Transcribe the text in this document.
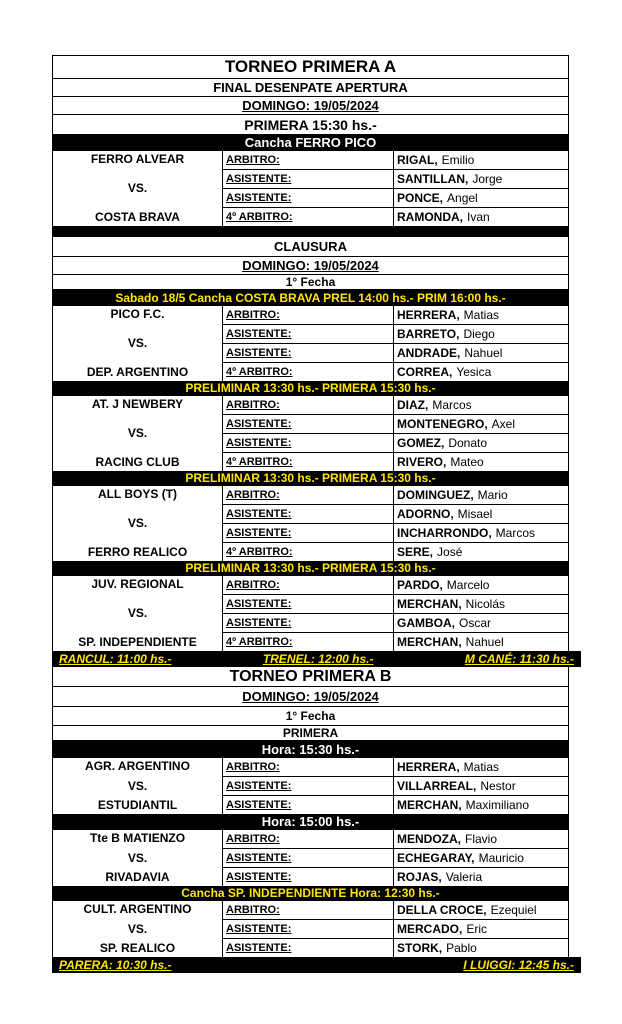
TORNEO PRIMERA A
FINAL DESENPATE APERTURA
DOMINGO: 19/05/2024
PRIMERA 15:30 hs.-
Cancha FERRO PICO
FERRO ALVEAR
VS.
COSTA BRAVA
ARBITRO:	RIGAL, Emilio
ASISTENTE:	SANTILLAN, Jorge
ASISTENTE:	PONCE, Angel
4º ARBITRO:	RAMONDA, Ivan
CLAUSURA
DOMINGO: 19/05/2024
1° Fecha
Sabado 18/5 Cancha COSTA BRAVA PREL 14:00 hs.- PRIM 16:00 hs.-
PICO F.C.
VS.
DEP. ARGENTINO
ARBITRO:	HERRERA, Matias
ASISTENTE:	BARRETO, Diego
ASISTENTE:	ANDRADE, Nahuel
4º ARBITRO:	CORREA, Yesica
PRELIMINAR 13:30 hs.- PRIMERA 15:30 hs.-
AT. J NEWBERY
VS.
RACING CLUB
ARBITRO:	DIAZ, Marcos
ASISTENTE:	MONTENEGRO, Axel
ASISTENTE:	GOMEZ, Donato
4º ARBITRO:	RIVERO, Mateo
PRELIMINAR 13:30 hs.- PRIMERA 15:30 hs.-
ALL BOYS (T)
VS.
FERRO REALICO
ARBITRO:	DOMINGUEZ, Mario
ASISTENTE:	ADORNO, Misael
ASISTENTE:	INCHARRONDO, Marcos
4º ARBITRO:	SERE, José
PRELIMINAR 13:30 hs.- PRIMERA 15:30 hs.-
JUV. REGIONAL
VS.
SP. INDEPENDIENTE
ARBITRO:	PARDO, Marcelo
ASISTENTE:	MERCHAN, Nicolás
ASISTENTE:	GAMBOA, Oscar
4º ARBITRO:	MERCHAN, Nahuel
RANCUL: 11:00 hs.-	TRENEL: 12:00 hs.-	M CANÉ: 11:30 hs.-
TORNEO PRIMERA B
DOMINGO: 19/05/2024
1° Fecha
PRIMERA
Hora: 15:30 hs.-
AGR. ARGENTINO
VS.
ESTUDIANTIL
ARBITRO:	HERRERA, Matias
ASISTENTE:	VILLARREAL, Nestor
ASISTENTE:	MERCHAN, Maximiliano
Hora: 15:00 hs.-
Tte B MATIENZO
VS.
RIVADAVIA
ARBITRO:	MENDOZA, Flavio
ASISTENTE:	ECHEGARAY, Mauricio
ASISTENTE:	ROJAS, Valeria
Cancha SP. INDEPENDIENTE Hora: 12:30 hs.-
CULT. ARGENTINO
VS.
SP. REALICO
ARBITRO:	DELLA CROCE, Ezequiel
ASISTENTE:	MERCADO, Eric
ASISTENTE:	STORK, Pablo
PARERA: 10:30 hs.-	I LUIGGI: 12:45 hs.-
